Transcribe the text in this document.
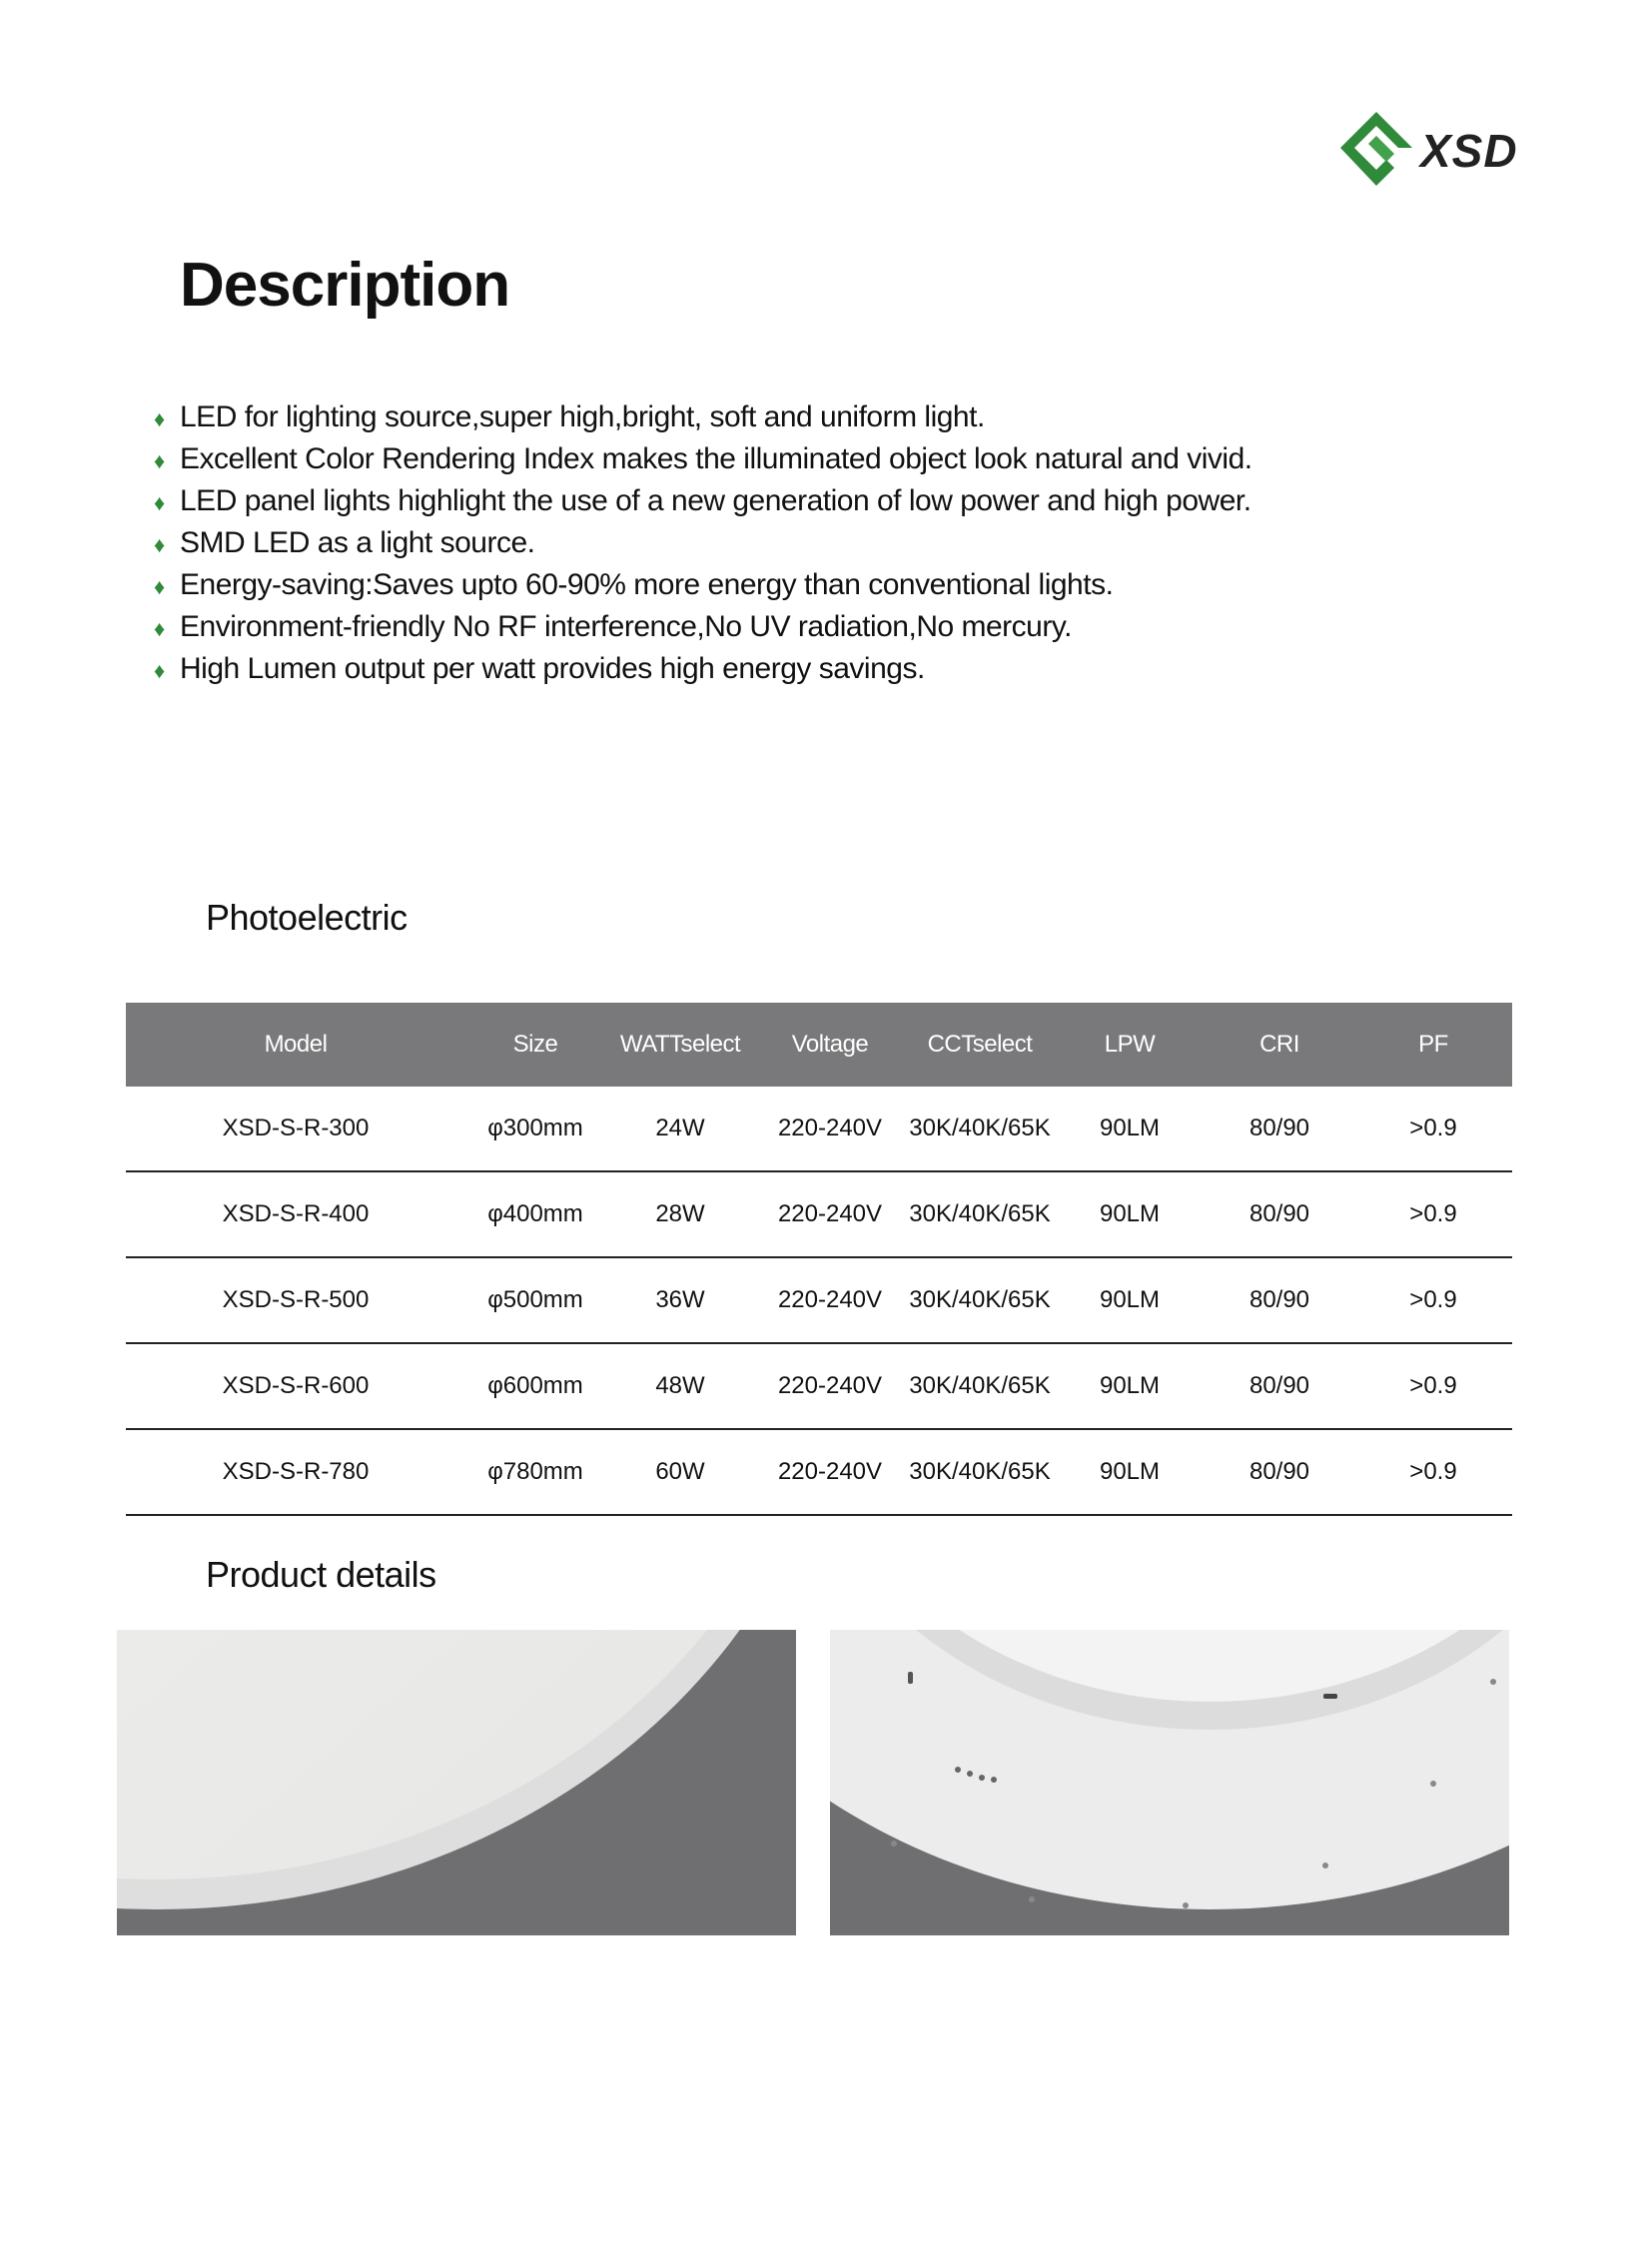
XSD
Description
♦ LED for lighting source,super high,bright, soft and uniform light.
♦ Excellent Color Rendering Index makes the illuminated object look natural and vivid.
♦ LED panel lights highlight the use of a new generation of low power and high power.
♦ SMD LED as a light source.
♦ Energy-saving:Saves upto 60-90% more energy than conventional lights.
♦ Environment-friendly No RF interference,No UV radiation,No mercury.
♦ High Lumen output per watt provides high energy savings.
Photoelectric
Model	Size	WATTselect	Voltage	CCTselect	LPW	CRI	PF
XSD-S-R-300	φ300mm	24W	220-240V	30K/40K/65K	90LM	80/90	>0.9
XSD-S-R-400	φ400mm	28W	220-240V	30K/40K/65K	90LM	80/90	>0.9
XSD-S-R-500	φ500mm	36W	220-240V	30K/40K/65K	90LM	80/90	>0.9
XSD-S-R-600	φ600mm	48W	220-240V	30K/40K/65K	90LM	80/90	>0.9
XSD-S-R-780	φ780mm	60W	220-240V	30K/40K/65K	90LM	80/90	>0.9
Product details
